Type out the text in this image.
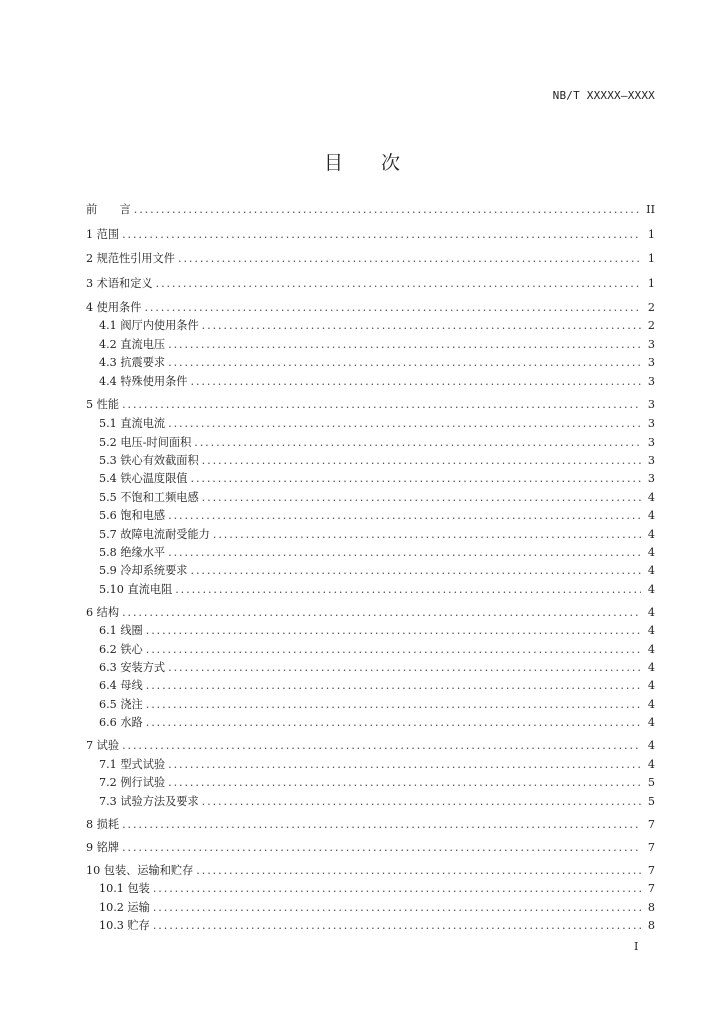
NB/T XXXXX—XXXX
目 次
前　　言 .....	II
1 范围 .....	1
2 规范性引用文件 .....	1
3 术语和定义 .....	1
4 使用条件 .....	2
4.1 阀厅内使用条件 .....	2
4.2 直流电压 .....	3
4.3 抗震要求 .....	3
4.4 特殊使用条件 .....	3
5 性能 .....	3
5.1 直流电流 .....	3
5.2 电压-时间面积 .....	3
5.3 铁心有效截面积 .....	3
5.4 铁心温度限值 .....	3
5.5 不饱和工频电感 .....	4
5.6 饱和电感 .....	4
5.7 故障电流耐受能力 .....	4
5.8 绝缘水平 .....	4
5.9 冷却系统要求 .....	4
5.10 直流电阻 .....	4
6 结构 .....	4
6.1 线圈 .....	4
6.2 铁心 .....	4
6.3 安装方式 .....	4
6.4 母线 .....	4
6.5 浇注 .....	4
6.6 水路 .....	4
7 试验 .....	4
7.1 型式试验 .....	4
7.2 例行试验 .....	5
7.3 试验方法及要求 .....	5
8 损耗 .....	7
9 铭牌 .....	7
10 包装、运输和贮存 .....	7
10.1 包装 .....	7
10.2 运输 .....	8
10.3 贮存 .....	8
I
